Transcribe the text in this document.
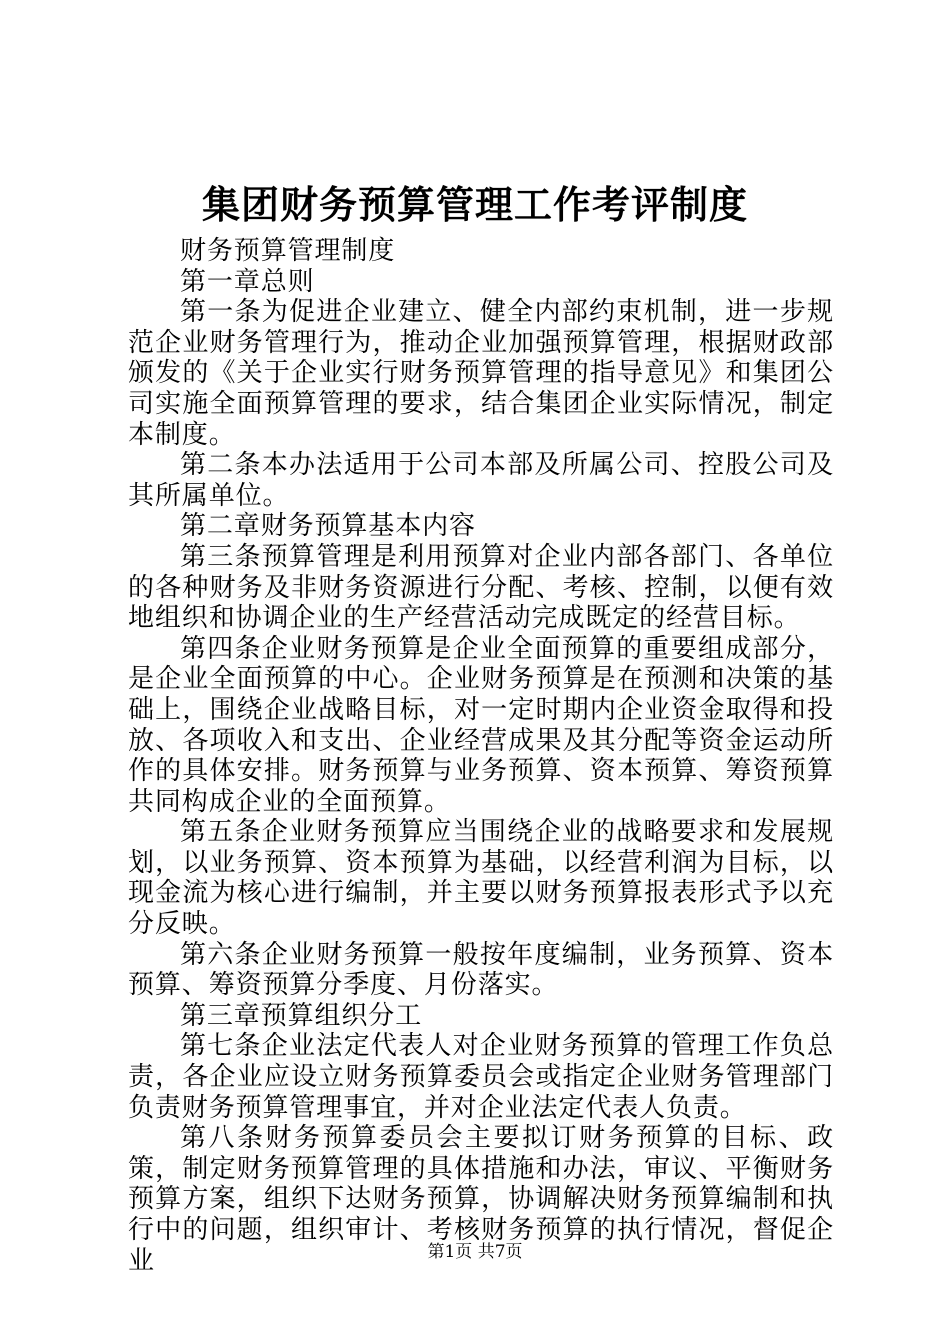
集团财务预算管理工作考评制度

财务预算管理制度

第一章总则

第一条为促进企业建立、健全内部约束机制，进一步规范企业财务管理行为，推动企业加强预算管理，根据财政部颁发的《关于企业实行财务预算管理的指导意见》和集团公司实施全面预算管理的要求，结合集团企业实际情况，制定本制度。

第二条本办法适用于公司本部及所属公司、控股公司及其所属单位。

第二章财务预算基本内容

第三条预算管理是利用预算对企业内部各部门、各单位的各种财务及非财务资源进行分配、考核、控制，以便有效地组织和协调企业的生产经营活动完成既定的经营目标。

第四条企业财务预算是企业全面预算的重要组成部分，是企业全面预算的中心。企业财务预算是在预测和决策的基础上，围绕企业战略目标，对一定时期内企业资金取得和投放、各项收入和支出、企业经营成果及其分配等资金运动所作的具体安排。财务预算与业务预算、资本预算、筹资预算共同构成企业的全面预算。

第五条企业财务预算应当围绕企业的战略要求和发展规划，以业务预算、资本预算为基础，以经营利润为目标，以现金流为核心进行编制，并主要以财务预算报表形式予以充分反映。

第六条企业财务预算一般按年度编制，业务预算、资本预算、筹资预算分季度、月份落实。

第三章预算组织分工

第七条企业法定代表人对企业财务预算的管理工作负总责，各企业应设立财务预算委员会或指定企业财务管理部门负责财务预算管理事宜，并对企业法定代表人负责。

第八条财务预算委员会主要拟订财务预算的目标、政策，制定财务预算管理的具体措施和办法，审议、平衡财务预算方案，组织下达财务预算，协调解决财务预算编制和执行中的问题，组织审计、考核财务预算的执行情况，督促企业	第1页 共7页
